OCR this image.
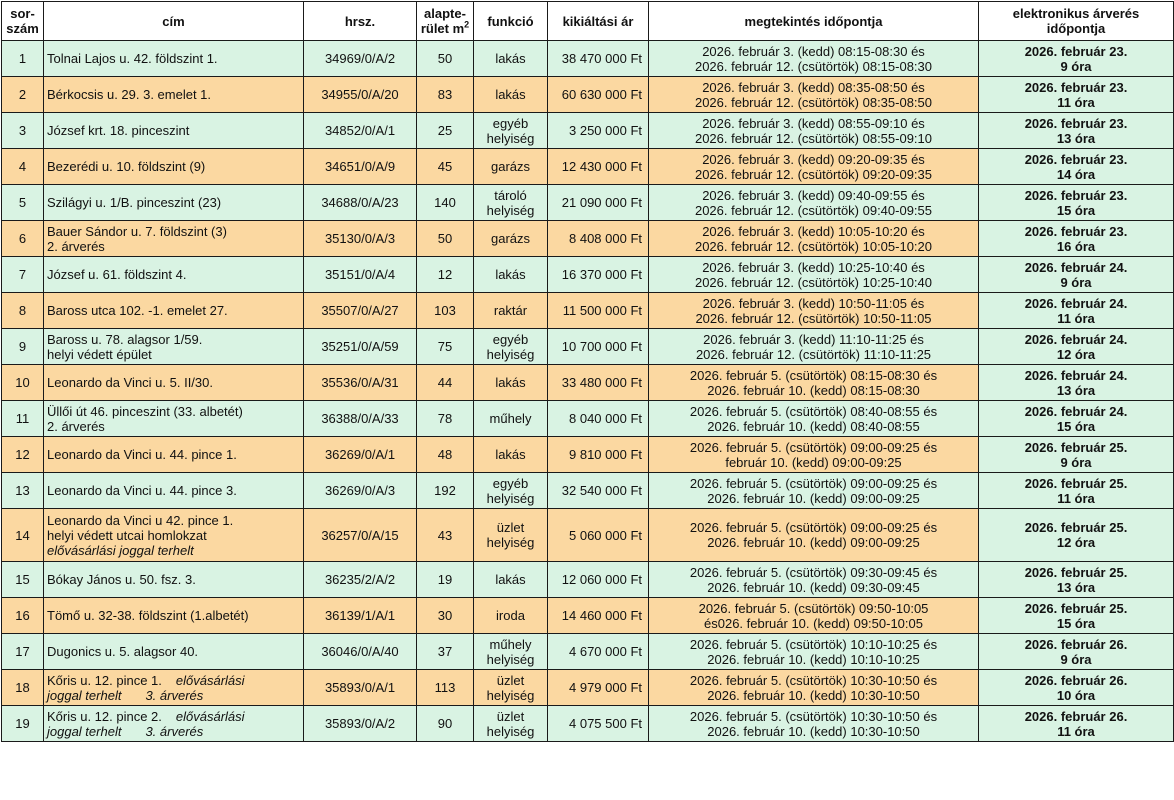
sor-
szám	cím	hrsz.	alapte-
rület $m^2$	funkció	kikiáltási ár	megtekintés időpontja	elektronikus árverés
időpontja

1	Tolnai Lajos u. 42. földszint 1.	34969/0/A/2	50	lakás	38 470 000 Ft	2026. február 3. (kedd) 08:15-08:30 és
2026. február 12. (csütörtök) 08:15-08:30	2026. február 23.
9 óra

2	Bérkocsis u. 29. 3. emelet 1.	34955/0/A/20	83	lakás	60 630 000 Ft	2026. február 3. (kedd) 08:35-08:50 és
2026. február 12. (csütörtök) 08:35-08:50	2026. február 23.
11 óra

3	József krt. 18. pinceszint	34852/0/A/1	25	egyéb
helyiség	3 250 000 Ft	2026. február 3. (kedd) 08:55-09:10 és
2026. február 12. (csütörtök) 08:55-09:10	2026. február 23.
13 óra

4	Bezerédi u. 10. földszint (9)	34651/0/A/9	45	garázs	12 430 000 Ft	2026. február 3. (kedd) 09:20-09:35 és
2026. február 12. (csütörtök) 09:20-09:35	2026. február 23.
14 óra

5	Szilágyi u. 1/B. pinceszint (23)	34688/0/A/23	140	tároló
helyiség	21 090 000 Ft	2026. február 3. (kedd) 09:40-09:55 és
2026. február 12. (csütörtök) 09:40-09:55	2026. február 23.
15 óra

6	Bauer Sándor u. 7. földszint (3)
2. árverés	35130/0/A/3	50	garázs	8 408 000 Ft	2026. február 3. (kedd) 10:05-10:20 és
2026. február 12. (csütörtök) 10:05-10:20	2026. február 23.
16 óra

7	József u. 61. földszint 4.	35151/0/A/4	12	lakás	16 370 000 Ft	2026. február 3. (kedd) 10:25-10:40 és
2026. február 12. (csütörtök) 10:25-10:40	2026. február 24.
9 óra

8	Baross utca 102. -1. emelet 27.	35507/0/A/27	103	raktár	11 500 000 Ft	2026. február 3. (kedd) 10:50-11:05 és
2026. február 12. (csütörtök) 10:50-11:05	2026. február 24.
11 óra

9	Baross u. 78. alagsor 1/59.
helyi védett épület	35251/0/A/59	75	egyéb
helyiség	10 700 000 Ft	2026. február 3. (kedd) 11:10-11:25 és
2026. február 12. (csütörtök) 11:10-11:25	2026. február 24.
12 óra

10	Leonardo da Vinci u. 5. II/30.	35536/0/A/31	44	lakás	33 480 000 Ft	2026. február 5. (csütörtök) 08:15-08:30 és
2026. február 10. (kedd) 08:15-08:30	2026. február 24.
13 óra

11	Üllői út 46. pinceszint (33. albetét)
2. árverés	36388/0/A/33	78	műhely	8 040 000 Ft	2026. február 5. (csütörtök) 08:40-08:55 és
2026. február 10. (kedd) 08:40-08:55	2026. február 24.
15 óra

12	Leonardo da Vinci u. 44. pince 1.	36269/0/A/1	48	lakás	9 810 000 Ft	2026. február 5. (csütörtök) 09:00-09:25 és
február 10. (kedd) 09:00-09:25	2026. február 25.
9 óra

13	Leonardo da Vinci u. 44. pince 3.	36269/0/A/3	192	egyéb
helyiség	32 540 000 Ft	2026. február 5. (csütörtök) 09:00-09:25 és
2026. február 10. (kedd) 09:00-09:25	2026. február 25.
11 óra

14	Leonardo da Vinci u 42. pince 1.
helyi védett utcai homlokzat
elővásárlási joggal terhelt	36257/0/A/15	43	üzlet
helyiség	5 060 000 Ft	2026. február 5. (csütörtök) 09:00-09:25 és
2026. február 10. (kedd) 09:00-09:25	2026. február 25.
12 óra

15	Bókay János u. 50. fsz. 3.	36235/2/A/2	19	lakás	12 060 000 Ft	2026. február 5. (csütörtök) 09:30-09:45 és
2026. február 10. (kedd) 09:30-09:45	2026. február 25.
13 óra

16	Tömő u. 32-38. földszint (1.albetét)	36139/1/A/1	30	iroda	14 460 000 Ft	2026. február 5. (csütörtök) 09:50-10:05
és026. február 10. (kedd) 09:50-10:05	2026. február 25.
15 óra

17	Dugonics u. 5. alagsor 40.	36046/0/A/40	37	műhely
helyiség	4 670 000 Ft	2026. február 5. (csütörtök) 10:10-10:25 és
2026. február 10. (kedd) 10:10-10:25	2026. február 26.
9 óra

18	Kőris u. 12. pince 1. elővásárlási
joggal terhelt 3. árverés	35893/0/A/1	113	üzlet
helyiség	4 979 000 Ft	2026. február 5. (csütörtök) 10:30-10:50 és
2026. február 10. (kedd) 10:30-10:50	2026. február 26.
10 óra

19	Kőris u. 12. pince 2. elővásárlási
joggal terhelt 3. árverés	35893/0/A/2	90	üzlet
helyiség	4 075 500 Ft	2026. február 5. (csütörtök) 10:30-10:50 és
2026. február 10. (kedd) 10:30-10:50	2026. február 26.
11 óra
